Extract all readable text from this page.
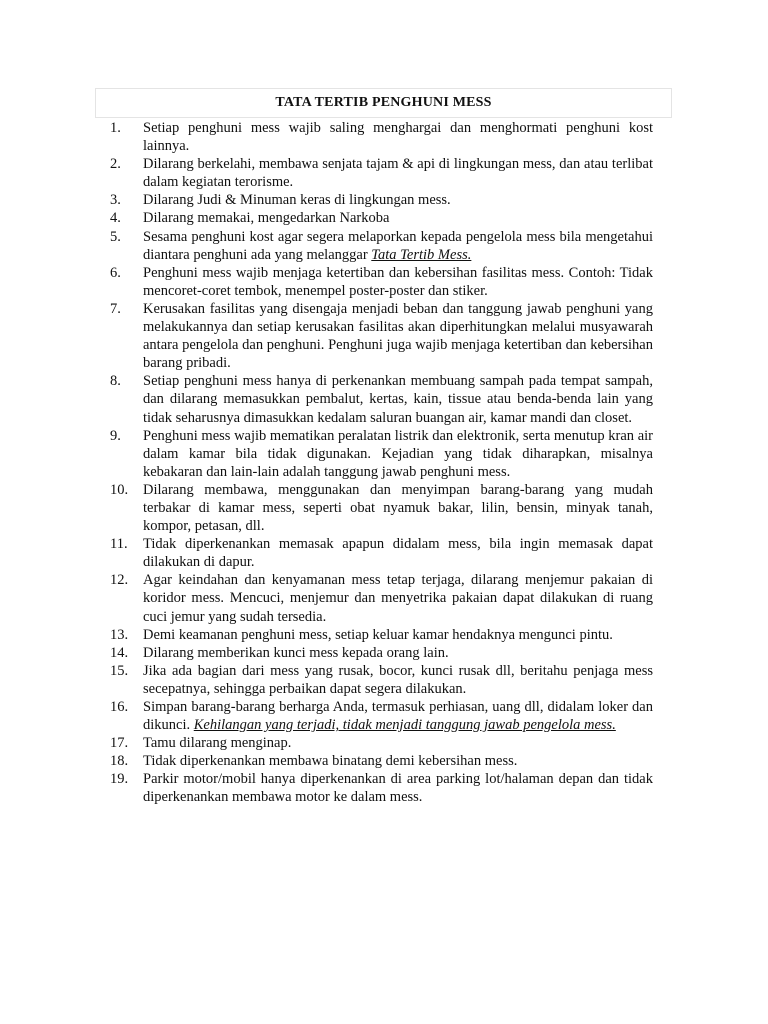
TATA TERTIB PENGHUNI MESS
1.	Setiap penghuni mess wajib saling menghargai dan menghormati penghuni kost lainnya.
2.	Dilarang berkelahi, membawa senjata tajam & api di lingkungan mess, dan atau terlibat dalam kegiatan terorisme.
3.	Dilarang Judi & Minuman keras di lingkungan mess.
4.	Dilarang memakai, mengedarkan Narkoba
5.	Sesama penghuni kost agar segera melaporkan kepada pengelola mess bila mengetahui diantara penghuni ada yang melanggar Tata Tertib Mess.
6.	Penghuni mess wajib menjaga ketertiban dan kebersihan fasilitas mess. Contoh: Tidak mencoret-coret tembok, menempel poster-poster dan stiker.
7.	Kerusakan fasilitas yang disengaja menjadi beban dan tanggung jawab penghuni yang melakukannya dan setiap kerusakan fasilitas akan diperhitungkan melalui musyawarah antara pengelola dan penghuni. Penghuni juga wajib menjaga ketertiban dan kebersihan barang pribadi.
8.	Setiap penghuni mess hanya di perkenankan membuang sampah pada tempat sampah, dan dilarang memasukkan pembalut, kertas, kain, tissue atau benda-benda lain yang tidak seharusnya dimasukkan kedalam saluran buangan air, kamar mandi dan closet.
9.	Penghuni mess wajib mematikan peralatan listrik dan elektronik, serta menutup kran air dalam kamar bila tidak digunakan. Kejadian yang tidak diharapkan, misalnya kebakaran dan lain-lain adalah tanggung jawab penghuni mess.
10.	Dilarang membawa, menggunakan dan menyimpan barang-barang yang mudah terbakar di kamar mess, seperti obat nyamuk bakar, lilin, bensin, minyak tanah, kompor, petasan, dll.
11.	Tidak diperkenankan memasak apapun didalam mess, bila ingin memasak dapat dilakukan di dapur.
12.	Agar keindahan dan kenyamanan mess tetap terjaga, dilarang menjemur pakaian di koridor mess. Mencuci, menjemur dan menyetrika pakaian dapat dilakukan di ruang cuci jemur yang sudah tersedia.
13.	Demi keamanan penghuni mess, setiap keluar kamar hendaknya mengunci pintu.
14.	Dilarang memberikan kunci mess kepada orang lain.
15.	Jika ada bagian dari mess yang rusak, bocor, kunci rusak dll, beritahu penjaga mess secepatnya, sehingga perbaikan dapat segera dilakukan.
16.	Simpan barang-barang berharga Anda, termasuk perhiasan, uang dll, didalam loker dan dikunci. Kehilangan yang terjadi, tidak menjadi tanggung jawab pengelola mess.
17.	Tamu dilarang menginap.
18.	Tidak diperkenankan membawa binatang demi kebersihan mess.
19.	Parkir motor/mobil hanya diperkenankan di area parking lot/halaman depan dan tidak diperkenankan membawa motor ke dalam mess.
